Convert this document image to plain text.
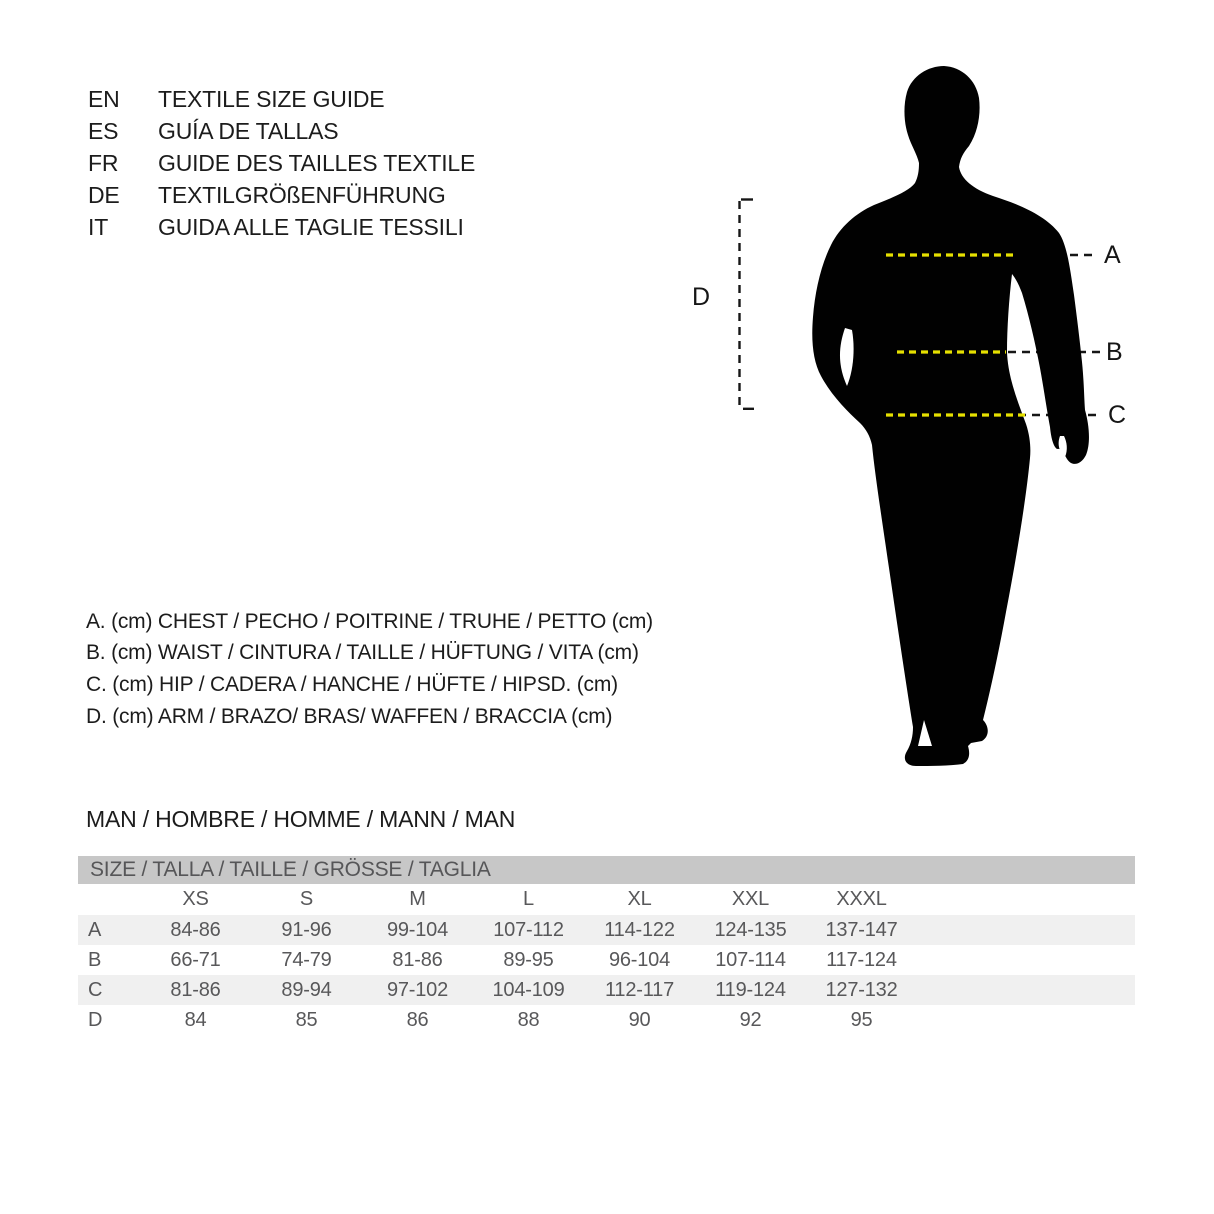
A
B
C
D
EN	TEXTILE SIZE GUIDE
ES	GUÍA DE TALLAS
FR	GUIDE DES TAILLES TEXTILE
DE	TEXTILGRÖßENFÜHRUNG
IT	GUIDA ALLE TAGLIE TESSILI
A. (cm) CHEST / PECHO / POITRINE / TRUHE / PETTO (cm)
B. (cm) WAIST / CINTURA / TAILLE / HÜFTUNG / VITA (cm)
C. (cm) HIP / CADERA / HANCHE / HÜFTE / HIPSD. (cm)
D. (cm) ARM / BRAZO/ BRAS/ WAFFEN / BRACCIA (cm)
MAN / HOMBRE / HOMME / MANN / MAN
SIZE / TALLA / TAILLE / GRÖSSE / TAGLIA
XS	S	M	L	XL	XXL	XXXL
A	84-86	91-96	99-104	107-112	114-122	124-135	137-147
B	66-71	74-79	81-86	89-95	96-104	107-114	117-124
C	81-86	89-94	97-102	104-109	112-117	119-124	127-132
D	84	85	86	88	90	92	95
